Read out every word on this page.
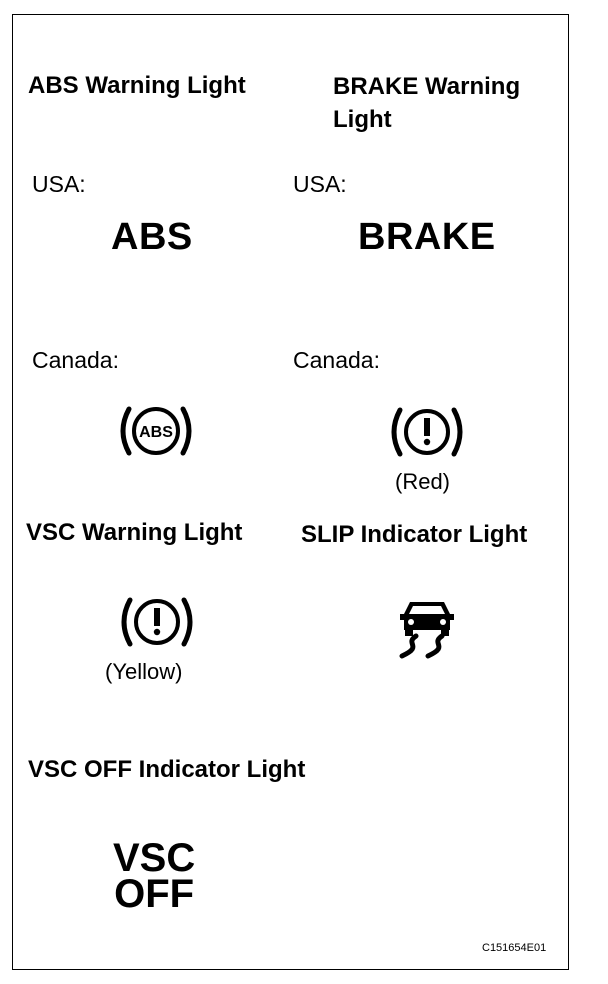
ABS Warning Light
USA:
ABS
Canada:
ABS
BRAKE Warning
Light
USA:
BRAKE
Canada:
(Red)
VSC Warning Light
(Yellow)
SLIP Indicator Light
VSC OFF Indicator Light
VSC
OFF
C151654E01
